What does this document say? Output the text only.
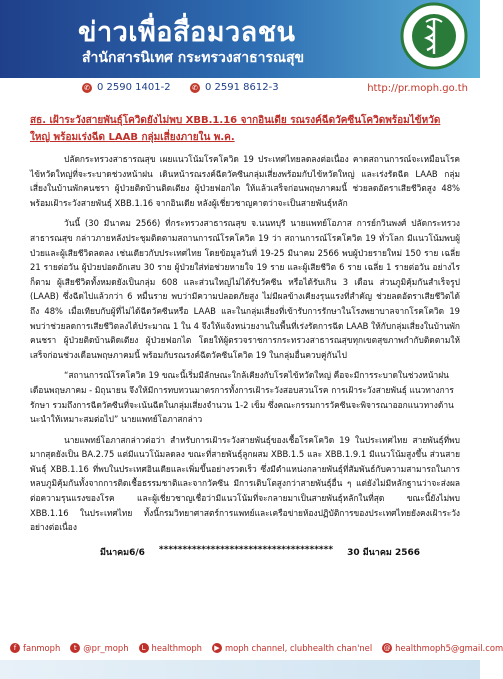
ข่าวเพื่อสื่อมวลชน
สำนักสารนิเทศ กระทรวงสาธารณสุข
✆ 0 2590 1401-2	✆ 0 2591 8612-3	http://pr.moph.go.th

สธ. เฝ้าระวังสายพันธุ์โควิดยังไม่พบ XBB.1.16 จากอินเดีย รณรงค์ฉีดวัคซีนโควิดพร้อมไข้หวัดใหญ่ พร้อมเร่งฉีด LAAB กลุ่มเสี่ยงภายใน พ.ค.

ปลัดกระทรวงสาธารณสุข เผยแนวโน้มโรคโควิด 19 ประเทศไทยลดลงต่อเนื่อง คาดสถานการณ์จะเหมือนโรคไข้หวัดใหญ่ที่จะระบาดช่วงหน้าฝน เดินหน้ารณรงค์ฉีดวัคซีนกลุ่มเสี่ยงพร้อมกับไข้หวัดใหญ่ และเร่งรัดฉีด LAAB กลุ่มเสี่ยงในบ้านพักคนชรา ผู้ป่วยติดบ้านติดเตียง ผู้ป่วยฟอกไต ให้แล้วเสร็จก่อนพฤษภาคมนี้ ช่วยลดอัตราเสียชีวิตสูง 48% พร้อมเฝ้าระวังสายพันธุ์ XBB.1.16 จากอินเดีย หลังผู้เชี่ยวชาญคาดว่าจะเป็นสายพันธุ์หลัก

วันนี้ (30 มีนาคม 2566) ที่กระทรวงสาธารณสุข จ.นนทบุรี นายแพทย์โอภาส การย์กวินพงศ์ ปลัดกระทรวงสาธารณสุข กล่าวภายหลังประชุมติดตามสถานการณ์โรคโควิด 19 ว่า สถานการณ์โรคโควิด 19 ทั่วโลก มีแนวโน้มพบผู้ป่วยและผู้เสียชีวิตลดลง เช่นเดียวกับประเทศไทย โดยข้อมูลวันที่ 19-25 มีนาคม 2566 พบผู้ป่วยรายใหม่ 150 ราย เฉลี่ย 21 รายต่อวัน ผู้ป่วยปอดอักเสบ 30 ราย ผู้ป่วยใส่ท่อช่วยหายใจ 19 ราย และผู้เสียชีวิต 6 ราย เฉลี่ย 1 รายต่อวัน อย่างไรก็ตาม ผู้เสียชีวิตทั้งหมดยังเป็นกลุ่ม 608 และส่วนใหญ่ไม่ได้รับวัคซีน หรือได้รับเกิน 3 เดือน ส่วนภูมิคุ้มกันสำเร็จรูป (LAAB) ซึ่งฉีดไปแล้วกว่า 6 หมื่นราย พบว่ามีความปลอดภัยสูง ไม่มีผลข้างเคียงรุนแรงที่สำคัญ ช่วยลดอัตราเสียชีวิตได้ถึง 48% เมื่อเทียบกับผู้ที่ไม่ได้ฉีดวัคซีนหรือ LAAB และในกลุ่มเสี่ยงที่เข้ารับการรักษาในโรงพยาบาลจากโรคโควิด 19 พบว่าช่วยลดการเสียชีวิตลงได้ประมาณ 1 ใน 4 จึงให้แจ้งหน่วยงานในพื้นที่เร่งรัดการฉีด LAAB ให้กับกลุ่มเสี่ยงในบ้านพักคนชรา ผู้ป่วยติดบ้านติดเตียง ผู้ป่วยฟอกไต โดยให้ผู้ตรวจราชการกระทรวงสาธารณสุขทุกเขตสุขภาพกำกับติดตามให้เสร็จก่อนช่วงเดือนพฤษภาคมนี้ พร้อมกับรณรงค์ฉีดวัคซีนโควิด 19 ในกลุ่มอื่นควบคู่กันไป

“สถานการณ์โรคโควิด 19 ขณะนี้เริ่มมีลักษณะใกล้เคียงกับโรคไข้หวัดใหญ่ คือจะมีการระบาดในช่วงหน้าฝน เดือนพฤษภาคม - มิถุนายน จึงให้มีการทบทวนมาตรการทั้งการเฝ้าระวังสอบสวนโรค การเฝ้าระวังสายพันธุ์ แนวทางการรักษา รวมถึงการฉีดวัคซีนที่จะเน้นฉีดในกลุ่มเสี่ยงจำนวน 1-2 เข็ม ซึ่งคณะกรรมการวัคซีนจะพิจารณาออกแนวทางด้านนะนำให้เหมาะสมต่อไป” นายแพทย์โอภาสกล่าว

นายแพทย์โอภาสกล่าวต่อว่า สำหรับการเฝ้าระวังสายพันธุ์ของเชื้อโรคโควิด 19 ในประเทศไทย สายพันธุ์ที่พบมากสุดยังเป็น BA.2.75 แต่มีแนวโน้มลดลง ขณะที่สายพันธุ์ลูกผสม XBB.1.5 และ XBB.1.9.1 มีแนวโน้มสูงขึ้น ส่วนสายพันธุ์ XBB.1.16 ที่พบในประเทศอินเดียและเพิ่มขึ้นอย่างรวดเร็ว ซึ่งมีตำแหน่งกลายพันธุ์ที่สัมพันธ์กับความสามารถในการหลบภูมิคุ้มกันทั้งจากการติดเชื้อธรรมชาติและจากวัคซีน มีการเติบโตสูงกว่าสายพันธุ์อื่น ๆ แต่ยังไม่มีหลักฐานว่าจะส่งผลต่อความรุนแรงของโรค และผู้เชี่ยวชาญเชื่อว่ามีแนวโน้มที่จะกลายมาเป็นสายพันธุ์หลักในที่สุด ขณะนี้ยังไม่พบ XBB.1.16 ในประเทศไทย ทั้งนี้กรมวิทยาศาสตร์การแพทย์และเครือข่ายห้องปฏิบัติการของประเทศไทยยังคงเฝ้าระวังอย่างต่อเนื่อง

มีนาคม6/6 ************************************* 30 มีนาคม 2566
f fanmoph	t @pr_moph	L healthmoph	▶ moph channel, clubhealth chan'nel @ healthmoph5@gmail.com
